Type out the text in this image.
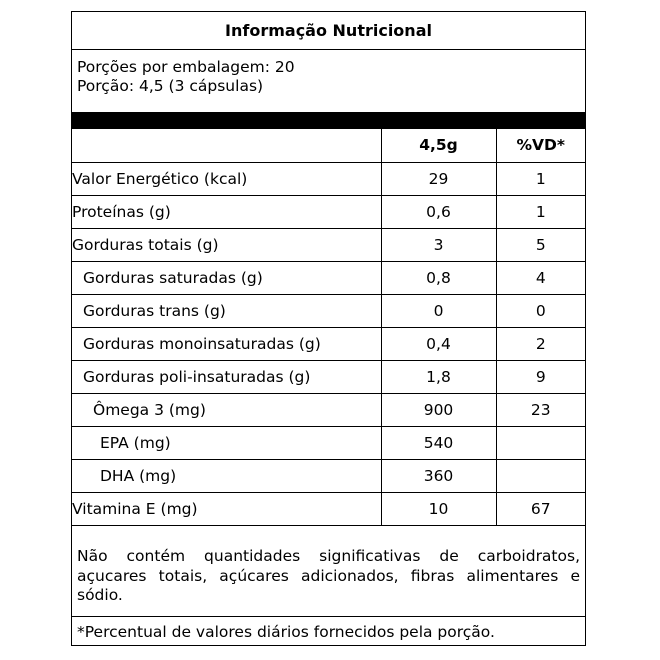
Informação Nutricional
Porções por embalagem: 20
Porção: 4,5 (3 cápsulas)
	4,5g	%VD*
Valor Energético (kcal)	29	1
Proteínas (g)	0,6	1
Gorduras totais (g)	3	5
Gorduras saturadas (g)	0,8	4
Gorduras trans (g)	0	0
Gorduras monoinsaturadas (g)	0,4	2
Gorduras poli-insaturadas (g)	1,8	9
Ômega 3 (mg)	900	23
EPA (mg)	540	
DHA (mg)	360	
Vitamina E (mg)	10	67
Não contém quantidades significativas de carboidratos, açucares totais, açúcares adicionados, fibras alimentares e sódio.
*Percentual de valores diários fornecidos pela porção.
